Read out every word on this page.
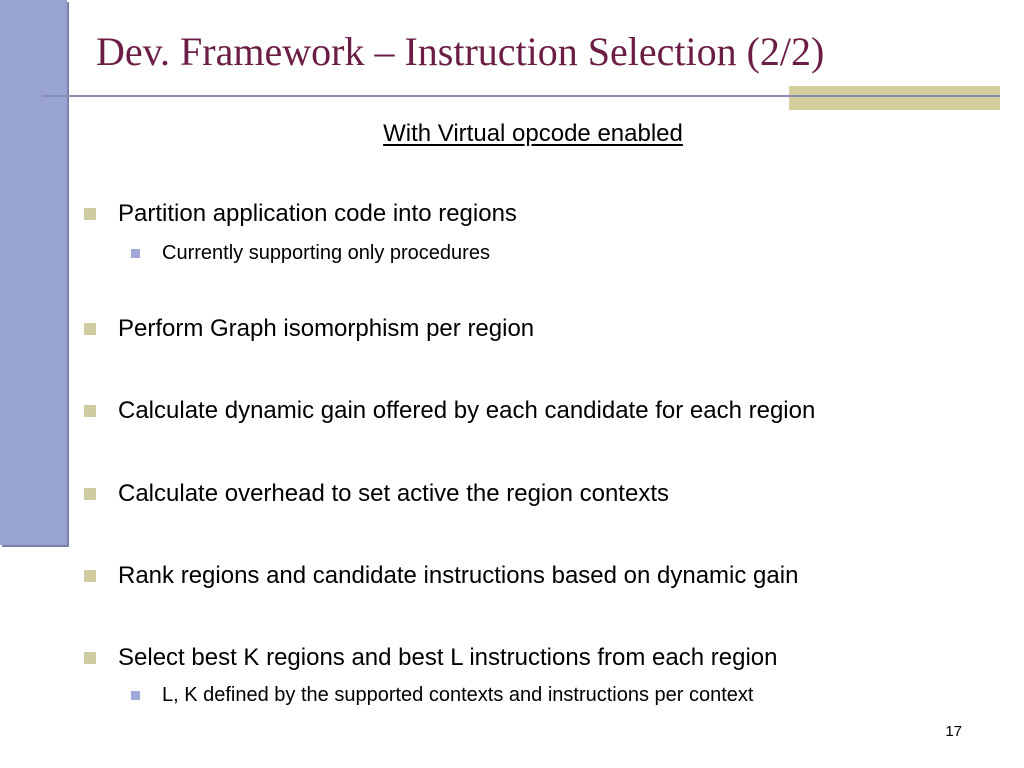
Dev. Framework – Instruction Selection (2/2)
With Virtual opcode enabled
Partition application code into regions
Currently supporting only procedures
Perform Graph isomorphism per region
Calculate dynamic gain offered by each candidate for each region
Calculate overhead to set active the region contexts
Rank regions and candidate instructions based on dynamic gain
Select best K regions and best L instructions from each region
L, K defined by the supported contexts and instructions per context
17
